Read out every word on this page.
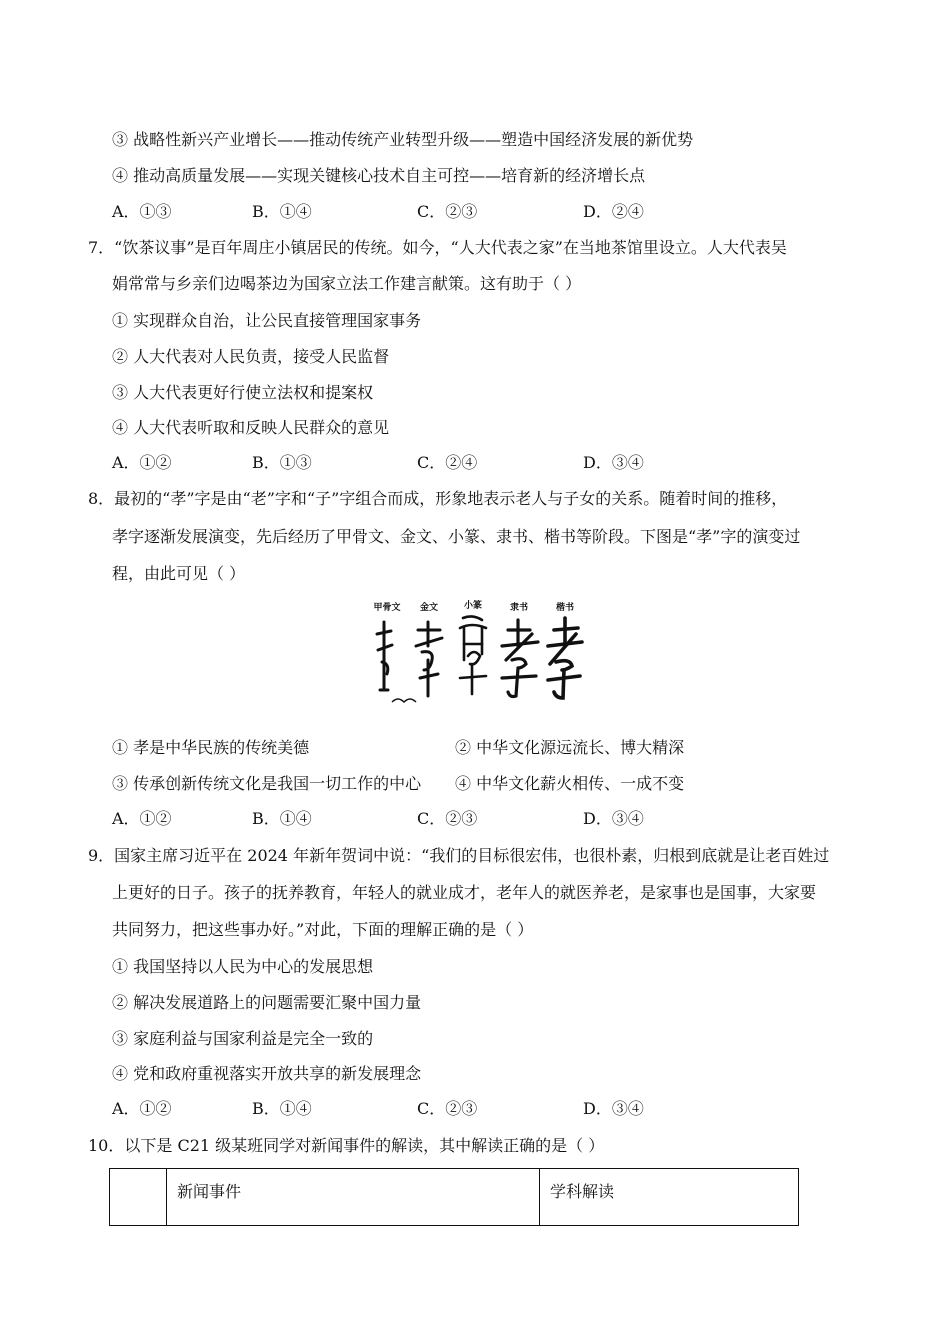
③ 战略性新兴产业增长——推动传统产业转型升级——塑造中国经济发展的新优势
④ 推动高质量发展——实现关键核心技术自主可控——培育新的经济增长点
A．①③	B．①④	C．②③	D．②④
7．“饮茶议事”是百年周庄小镇居民的传统。如今，“人大代表之家”在当地茶馆里设立。人大代表吴
娟常常与乡亲们边喝茶边为国家立法工作建言献策。这有助于（ ）
① 实现群众自治，让公民直接管理国家事务
② 人大代表对人民负责，接受人民监督
③ 人大代表更好行使立法权和提案权
④ 人大代表听取和反映人民群众的意见
A．①②	B．①③	C．②④	D．③④
8．最初的“孝”字是由“老”字和“子”字组合而成，形象地表示老人与子女的关系。随着时间的推移，
孝字逐渐发展演变，先后经历了甲骨文、金文、小篆、隶书、楷书等阶段。下图是“孝”字的演变过
程，由此可见（ ）
甲骨文 金文	小篆	隶书	楷书
① 孝是中华民族的传统美德	② 中华文化源远流长、博大精深
③ 传承创新传统文化是我国一切工作的中心 ④ 中华文化薪火相传、一成不变
A．①②	B．①④	C．②③	D．③④
9．国家主席习近平在 2024 年新年贺词中说：“我们的目标很宏伟，也很朴素，归根到底就是让老百姓过
上更好的日子。孩子的抚养教育，年轻人的就业成才，老年人的就医养老，是家事也是国事，大家要
共同努力，把这些事办好。”对此，下面的理解正确的是（ ）
① 我国坚持以人民为中心的发展思想
② 解决发展道路上的问题需要汇聚中国力量
③ 家庭利益与国家利益是完全一致的
④ 党和政府重视落实开放共享的新发展理念
A．①②	B．①④	C．②③	D．③④
10．以下是 C21 级某班同学对新闻事件的解读，其中解读正确的是（ ）
	新闻事件	学科解读
